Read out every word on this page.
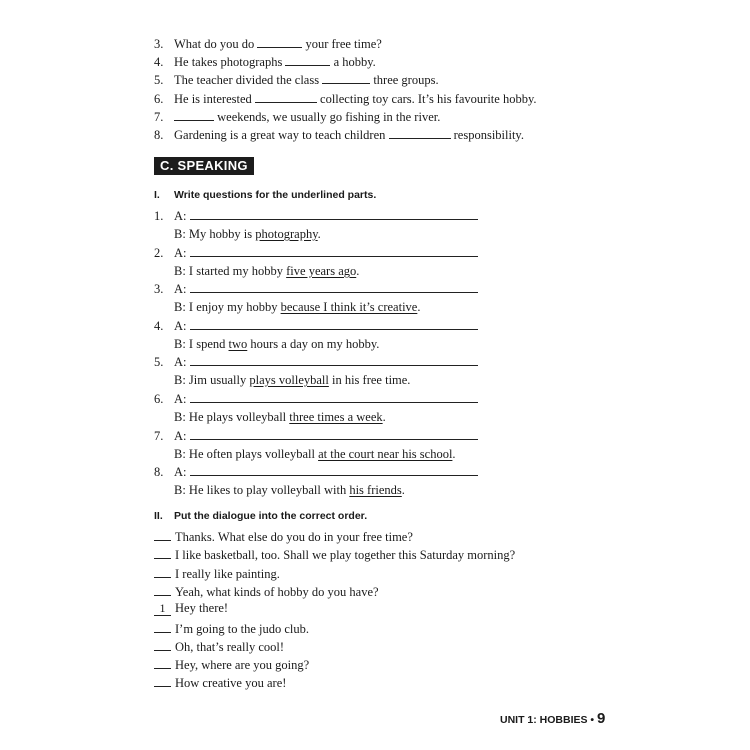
3. What do you do	your free time?
4. He takes photographs	a hobby.
5. The teacher divided the class	three groups.
6. He is interested	collecting toy cars. It’s his favourite hobby.
7.	weekends, we usually go fishing in the river.
8. Gardening is a great way to teach children	responsibility.
C. SPEAKING
I. Write questions for the underlined parts.
1. A:
B: My hobby is photography.
2. A:
B: I started my hobby five years ago.
3. A:
B: I enjoy my hobby because I think it’s creative.
4. A:
B: I spend two hours a day on my hobby.
5. A:
B: Jim usually plays volleyball in his free time.
6. A:
B: He plays volleyball three times a week.
7. A:
B: He often plays volleyball at the court near his school.
8. A:
B: He likes to play volleyball with his friends.
II. Put the dialogue into the correct order.
Thanks. What else do you do in your free time?
I like basketball, too. Shall we play together this Saturday morning?
I really like painting.
Yeah, what kinds of hobby do you have?
1 Hey there!
I’m going to the judo club.
Oh, that’s really cool!
Hey, where are you going?
How creative you are!
UNIT 1: HOBBIES • 9
